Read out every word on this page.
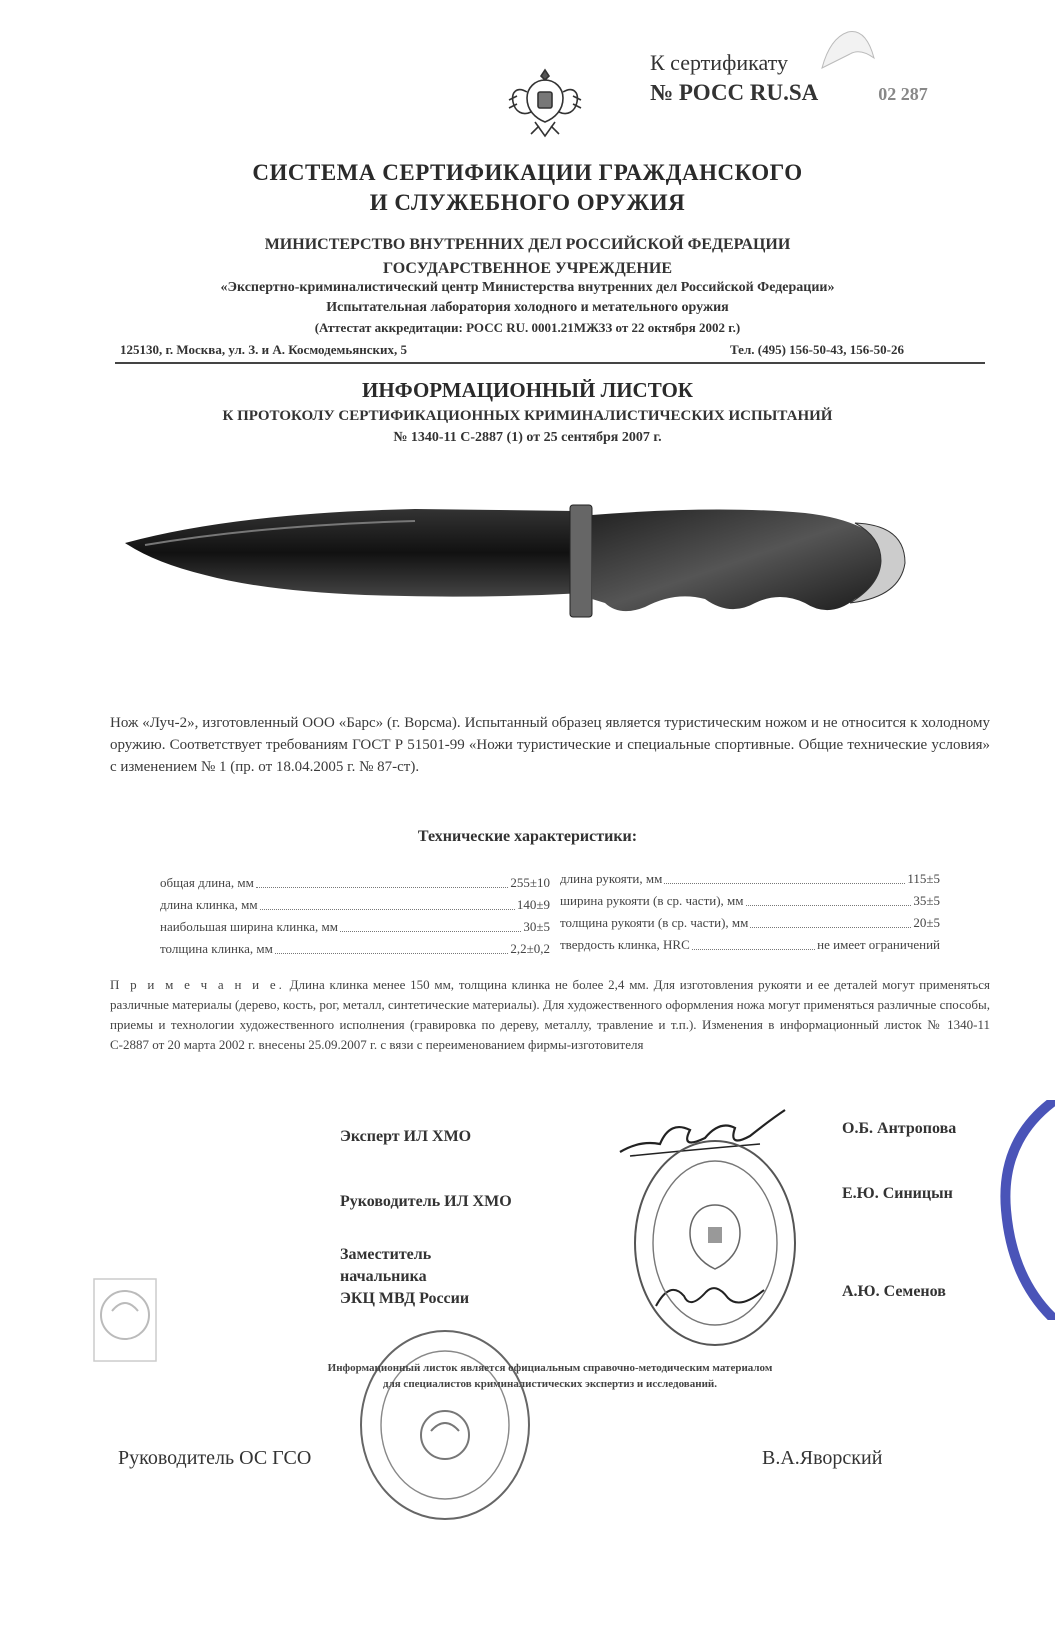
К сертификату
№ РОСС RU.SA	02 287
СИСТЕМА СЕРТИФИКАЦИИ ГРАЖДАНСКОГО
И СЛУЖЕБНОГО ОРУЖИЯ
МИНИСТЕРСТВО ВНУТРЕННИХ ДЕЛ РОССИЙСКОЙ ФЕДЕРАЦИИ
ГОСУДАРСТВЕННОЕ УЧРЕЖДЕНИЕ
«Экспертно-криминалистический центр Министерства внутренних дел Российской Федерации»
Испытательная лаборатория холодного и метательного оружия
(Аттестат аккредитации: РОСС RU. 0001.21МЖЗЗ от 22 октября 2002 г.)
125130, г. Москва, ул. З. и А. Космодемьянских, 5	Тел. (495) 156-50-43, 156-50-26
ИНФОРМАЦИОННЫЙ ЛИСТОК
К ПРОТОКОЛУ СЕРТИФИКАЦИОННЫХ КРИМИНАЛИСТИЧЕСКИХ ИСПЫТАНИЙ
№ 1340-11 С-2887 (1) от 25 сентября 2007 г.
Нож «Луч-2», изготовленный ООО «Барс» (г. Ворсма). Испытанный образец является туристическим ножом и не относится к холодному оружию. Соответствует требованиям ГОСТ Р 51501-99 «Ножи туристические и специальные спортивные. Общие технические условия» с изменением № 1 (пр. от 18.04.2005 г. № 87-ст).
Технические характеристики:
общая длина, мм	255±10
длина клинка, мм	140±9
наибольшая ширина клинка, мм	30±5
толщина клинка, мм	2,2±0,2
длина рукояти, мм	115±5
ширина рукояти (в ср. части), мм	35±5
толщина рукояти (в ср. части), мм	20±5
твердость клинка, HRC	не имеет ограничений
П р и м е ч а н и е. Длина клинка менее 150 мм, толщина клинка не более 2,4 мм. Для изготовления рукояти и ее деталей могут применяться различные материалы (дерево, кость, рог, металл, синтетические материалы). Для художественного оформления ножа могут применяться различные способы, приемы и технологии художественного исполнения (гравировка по дереву, металлу, травление и т.п.). Изменения в информационный листок № 1340-11 С-2887 от 20 марта 2002 г. внесены 25.09.2007 г. с вязи с переименованием фирмы-изготовителя
Эксперт ИЛ ХМО	О.Б. Антропова
Руководитель ИЛ ХМО	Е.Ю. Синицын
Заместитель
начальника
ЭКЦ МВД России	А.Ю. Семенов
Информационный листок является официальным справочно-методическим материалом
для специалистов криминалистических экспертиз и исследований.
Руководитель ОС ГСО	В.А.Яворский
